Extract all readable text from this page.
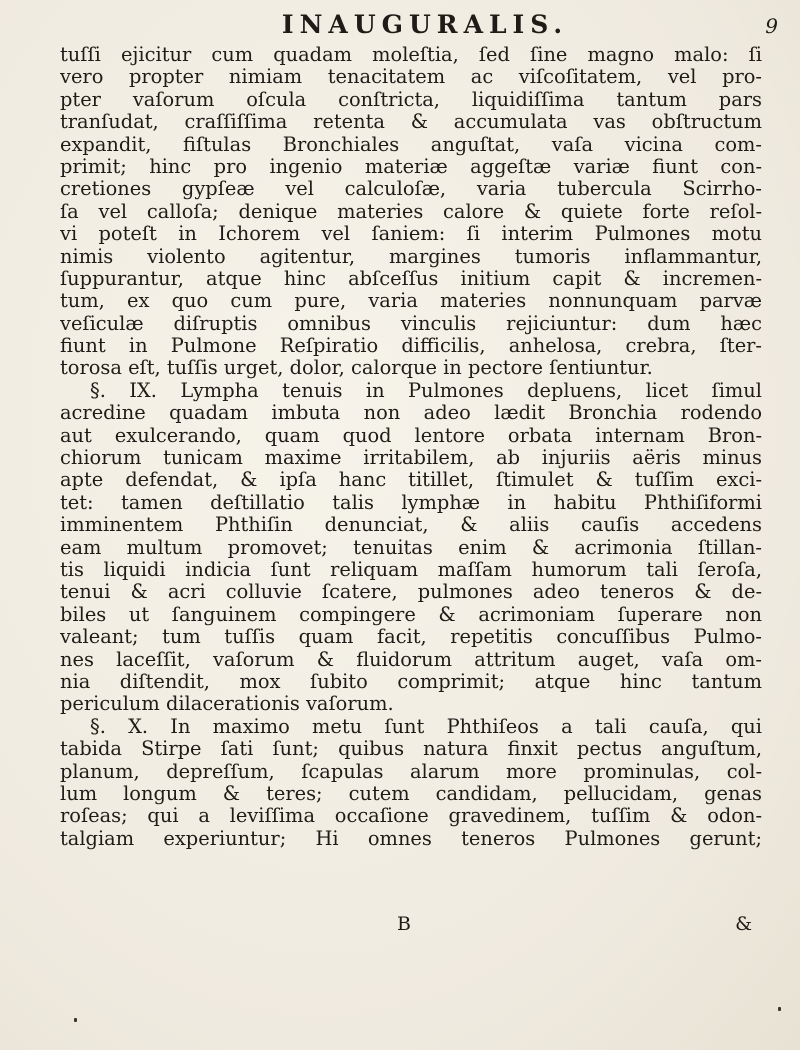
INAUGURALIS.	9
tuſſi ejicitur cum quadam moleſtia, ſed ſine magno malo: ſi
vero propter nimiam tenacitatem ac viſcoſitatem, vel pro-
pter vaſorum oſcula conſtricta, liquidiſſima tantum pars
tranſudat, craſſiſſima retenta & accumulata vas obſtructum
expandit, fiſtulas Bronchiales anguſtat, vaſa vicina com-
primit; hinc pro ingenio materiæ aggeſtæ variæ fiunt con-
cretiones gypſeæ vel calculoſæ, varia tubercula Scirrho-
ſa vel calloſa; denique materies calore & quiete forte reſol-
vi poteſt in Ichorem vel ſaniem: ſi interim Pulmones motu
nimis violento agitentur, margines tumoris inflammantur,
ſuppurantur, atque hinc abſceſſus initium capit & incremen-
tum, ex quo cum pure, varia materies nonnunquam parvæ
veſiculæ diſruptis omnibus vinculis rejiciuntur: dum hæc
fiunt in Pulmone Reſpiratio difficilis, anhelosa, crebra, ſter-
torosa eſt, tuſſis urget, dolor, calorque in pectore ſentiuntur.
§. IX. Lympha tenuis in Pulmones depluens, licet ſimul
acredine quadam imbuta non adeo lædit Bronchia rodendo
aut exulcerando, quam quod lentore orbata internam Bron-
chiorum tunicam maxime irritabilem, ab injuriis aëris minus
apte defendat, & ipſa hanc titillet, ſtimulet & tuſſim exci-
tet: tamen deſtillatio talis lymphæ in habitu Phthiſiformi
imminentem Phthiſin denunciat, & aliis cauſis accedens
eam multum promovet; tenuitas enim & acrimonia ſtillan-
tis liquidi indicia ſunt reliquam maſſam humorum tali ſeroſa,
tenui & acri colluvie ſcatere, pulmones adeo teneros & de-
biles ut ſanguinem compingere & acrimoniam ſuperare non
valeant; tum tuſſis quam facit, repetitis concuſſibus Pulmo-
nes laceſſit, vaſorum & fluidorum attritum auget, vaſa om-
nia diſtendit, mox ſubito comprimit; atque hinc tantum
periculum dilacerationis vaſorum.
§. X. In maximo metu ſunt Phthiſeos a tali cauſa, qui
tabida Stirpe ſati ſunt; quibus natura finxit pectus anguſtum,
planum, depreſſum, ſcapulas alarum more prominulas, col-
lum longum & teres; cutem candidam, pellucidam, genas
roſeas; qui a leviſſima occaſione gravedinem, tuſſim & odon-
talgiam experiuntur; Hi omnes teneros Pulmones gerunt;
B	&
